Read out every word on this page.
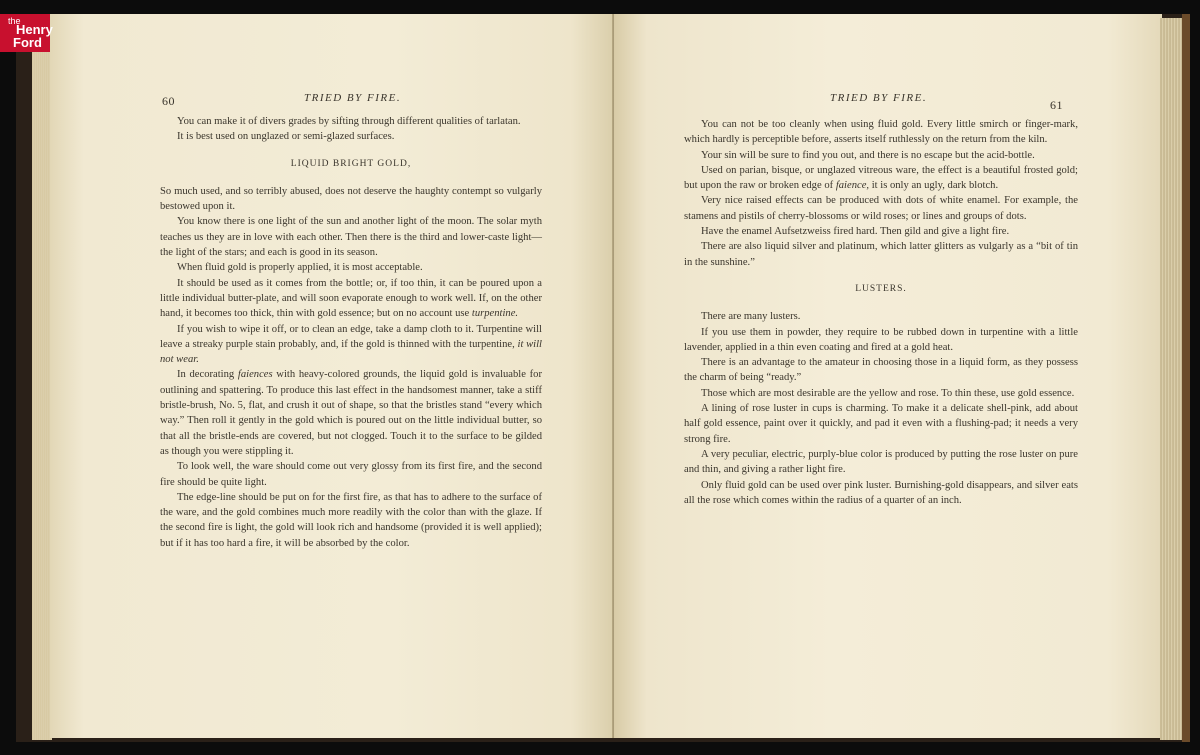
60	TRIED BY FIRE.

You can make it of divers grades by sifting through different qualities of tarlatan.

It is best used on unglazed or semi-glazed surfaces.

LIQUID BRIGHT GOLD,

So much used, and so terribly abused, does not deserve the haughty contempt so vulgarly bestowed upon it.

You know there is one light of the sun and another light of the moon. The solar myth teaches us they are in love with each other. Then there is the third and lower-caste light—the light of the stars; and each is good in its season.

When fluid gold is properly applied, it is most acceptable.

It should be used as it comes from the bottle; or, if too thin, it can be poured upon a little individual butter-plate, and will soon evaporate enough to work well. If, on the other hand, it becomes too thick, thin with gold essence; but on no account use turpentine.

If you wish to wipe it off, or to clean an edge, take a damp cloth to it. Turpentine will leave a streaky purple stain probably, and, if the gold is thinned with the turpentine, it will not wear.

In decorating faiences with heavy-colored grounds, the liquid gold is invaluable for outlining and spattering. To produce this last effect in the handsomest manner, take a stiff bristle-brush, No. 5, flat, and crush it out of shape, so that the bristles stand “every which way.” Then roll it gently in the gold which is poured out on the little individual butter, so that all the bristle-ends are covered, but not clogged. Touch it to the surface to be gilded as though you were stippling it.

To look well, the ware should come out very glossy from its first fire, and the second fire should be quite light.

The edge-line should be put on for the first fire, as that has to adhere to the surface of the ware, and the gold combines much more readily with the color than with the glaze. If the second fire is light, the gold will look rich and handsome (provided it is well applied); but if it has too hard a fire, it will be absorbed by the color.

TRIED BY FIRE.	61

You can not be too cleanly when using fluid gold. Every little smirch or finger-mark, which hardly is perceptible before, asserts itself ruthlessly on the return from the kiln.

Your sin will be sure to find you out, and there is no escape but the acid-bottle.

Used on parian, bisque, or unglazed vitreous ware, the effect is a beautiful frosted gold; but upon the raw or broken edge of faience, it is only an ugly, dark blotch.

Very nice raised effects can be produced with dots of white enamel. For example, the stamens and pistils of cherry-blossoms or wild roses; or lines and groups of dots.

Have the enamel Aufsetzweiss fired hard. Then gild and give a light fire.

There are also liquid silver and platinum, which latter glitters as vulgarly as a “bit of tin in the sunshine.”

LUSTERS.

There are many lusters.

If you use them in powder, they require to be rubbed down in turpentine with a little lavender, applied in a thin even coating and fired at a gold heat.

There is an advantage to the amateur in choosing those in a liquid form, as they possess the charm of being “ready.”

Those which are most desirable are the yellow and rose. To thin these, use gold essence.

A lining of rose luster in cups is charming. To make it a delicate shell-pink, add about half gold essence, paint over it quickly, and pad it even with a flushing-pad; it needs a very strong fire.

A very peculiar, electric, purply-blue color is produced by putting the rose luster on pure and thin, and giving a rather light fire.

Only fluid gold can be used over pink luster. Burnishing-gold disappears, and silver eats all the rose which comes within the radius of a quarter of an inch.

the
Henry
Ford
